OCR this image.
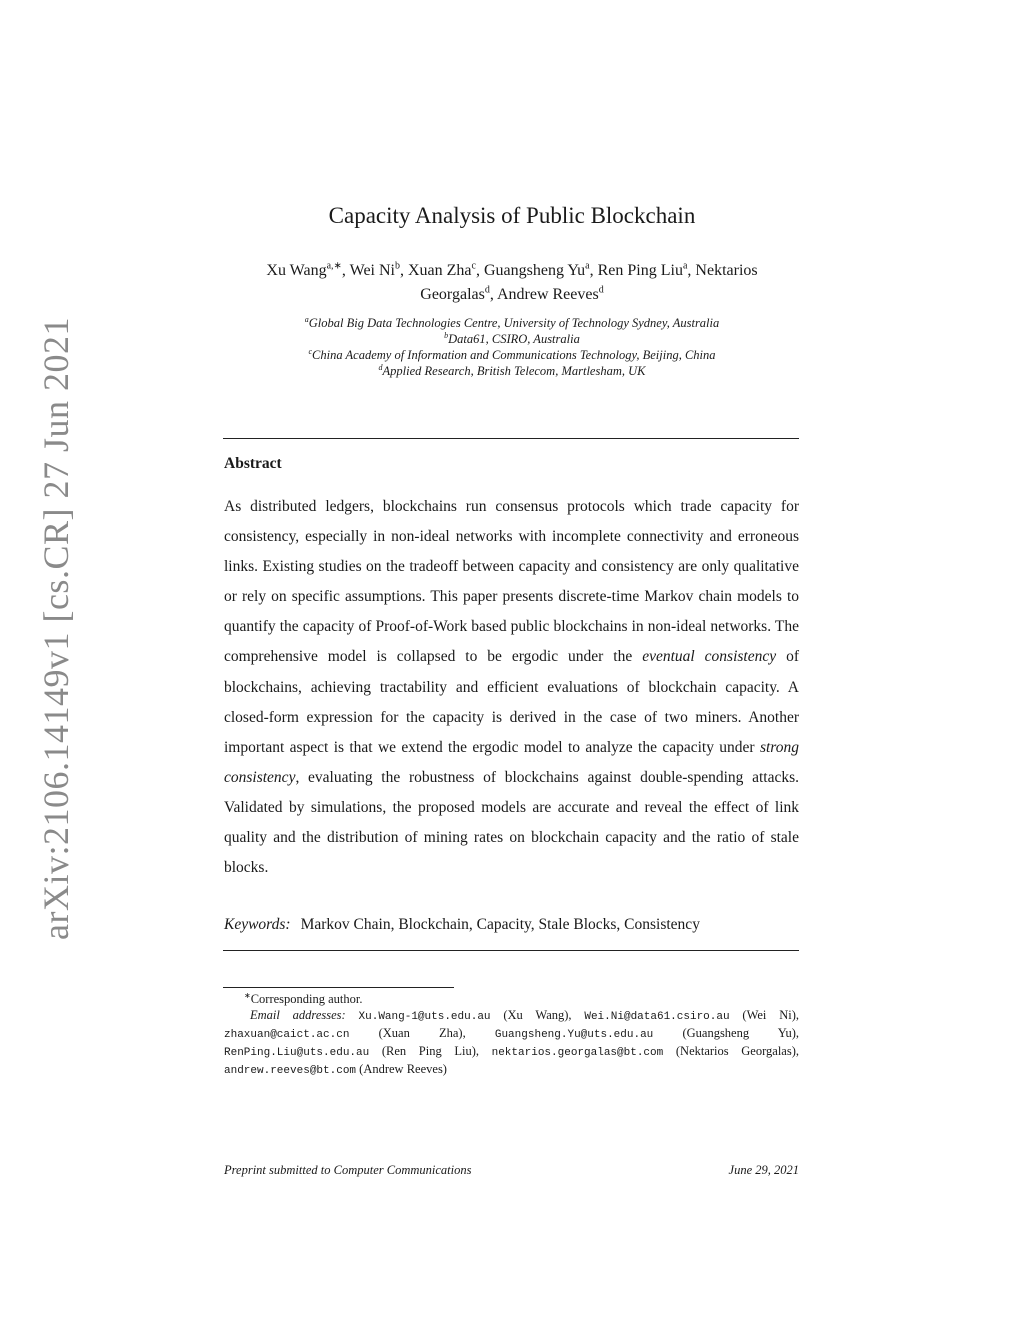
arXiv:2106.14149v1 [cs.CR] 27 Jun 2021
Capacity Analysis of Public Blockchain
Xu Wang$^{a,∗}$, Wei Ni$^b$, Xuan Zha$^c$, Guangsheng Yu$^a$, Ren Ping Liu$^a$, Nektarios
Georgalas$^d$, Andrew Reeves$^d$
$^a$Global Big Data Technologies Centre, University of Technology Sydney, Australia
$^b$Data61, CSIRO, Australia
$^c$China Academy of Information and Communications Technology, Beijing, China
$^d$Applied Research, British Telecom, Martlesham, UK
Abstract
As distributed ledgers, blockchains run consensus protocols which trade capacity for consistency, especially in non-ideal networks with incomplete connectivity and erroneous links. Existing studies on the tradeoff between capacity and consistency are only qualitative or rely on specific assumptions. This paper presents discrete-time Markov chain models to quantify the capacity of Proof-of-Work based public blockchains in non-ideal networks. The comprehensive model is collapsed to be ergodic under the eventual consistency of blockchains, achieving tractability and efficient evaluations of blockchain capacity. A closed-form expression for the capacity is derived in the case of two miners. Another important aspect is that we extend the ergodic model to analyze the capacity under strong consistency, evaluating the robustness of blockchains against double-spending attacks. Validated by simulations, the proposed models are accurate and reveal the effect of link quality and the distribution of mining rates on blockchain capacity and the ratio of stale blocks.
Keywords: Markov Chain, Blockchain, Capacity, Stale Blocks, Consistency
∗Corresponding author.
Email addresses: Xu.Wang-1@uts.edu.au (Xu Wang), Wei.Ni@data61.csiro.au (Wei Ni), zhaxuan@caict.ac.cn (Xuan Zha), Guangsheng.Yu@uts.edu.au (Guangsheng Yu), RenPing.Liu@uts.edu.au (Ren Ping Liu), nektarios.georgalas@bt.com (Nektarios Georgalas), andrew.reeves@bt.com (Andrew Reeves)
Preprint submitted to Computer Communications	June 29, 2021
